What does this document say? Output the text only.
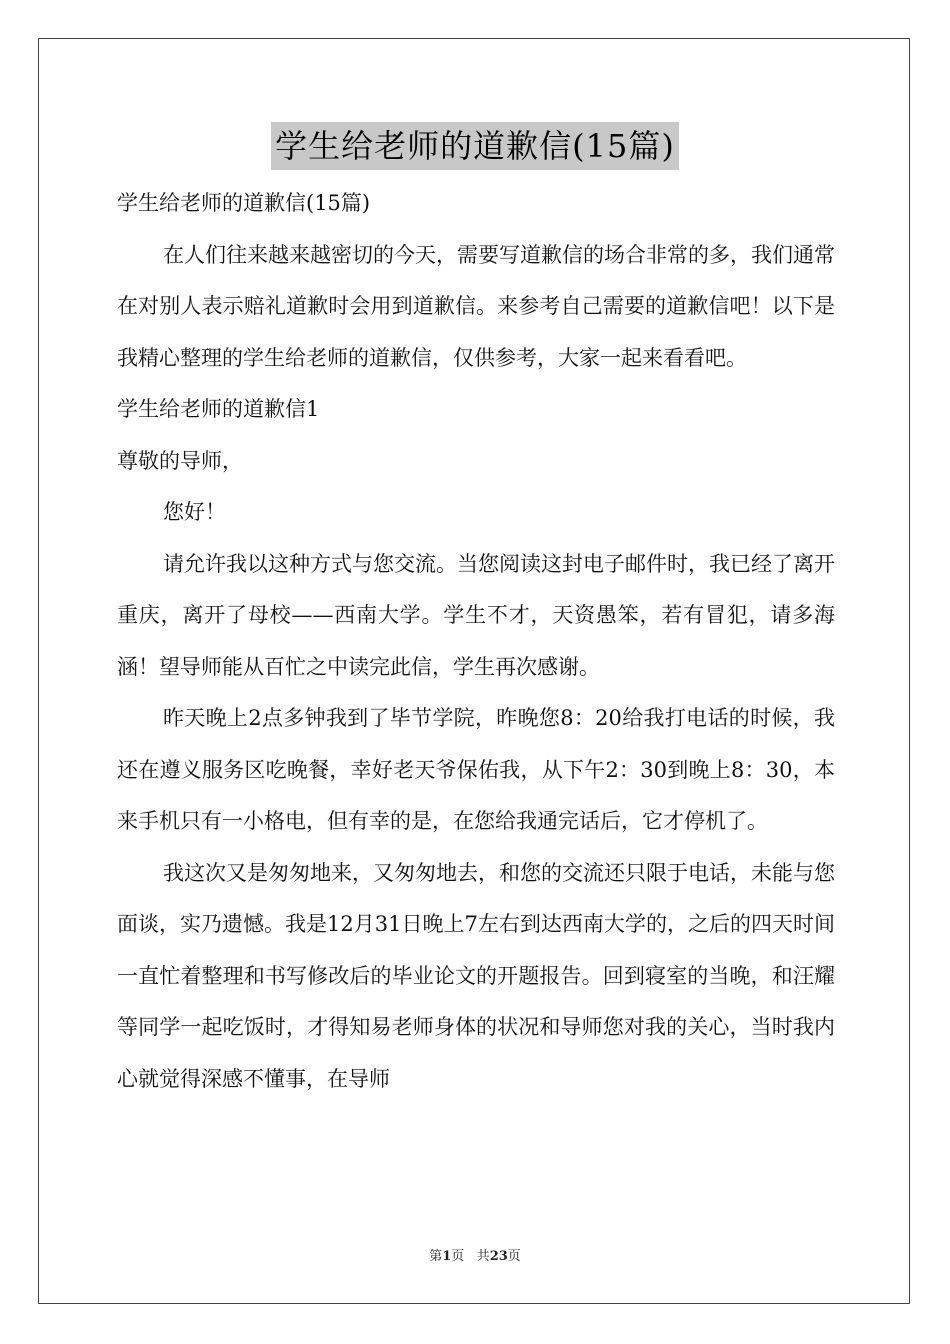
学生给老师的道歉信(15篇)

学生给老师的道歉信(15篇)

在人们往来越来越密切的今天，需要写道歉信的场合非常的多，我们通常在对别人表示赔礼道歉时会用到道歉信。来参考自己需要的道歉信吧！以下是我精心整理的学生给老师的道歉信，仅供参考，大家一起来看看吧。

学生给老师的道歉信1

尊敬的导师，

您好！

请允许我以这种方式与您交流。当您阅读这封电子邮件时，我已经了离开重庆，离开了母校——西南大学。学生不才，天资愚笨，若有冒犯，请多海涵！望导师能从百忙之中读完此信，学生再次感谢。

昨天晚上2点多钟我到了毕节学院，昨晚您8：20给我打电话的时候，我还在遵义服务区吃晚餐，幸好老天爷保佑我，从下午2：30到晚上8：30，本来手机只有一小格电，但有幸的是，在您给我通完话后，它才停机了。

我这次又是匆匆地来，又匆匆地去，和您的交流还只限于电话，未能与您面谈，实乃遗憾。我是12月31日晚上7左右到达西南大学的，之后的四天时间一直忙着整理和书写修改后的毕业论文的开题报告。回到寝室的当晚，和汪耀等同学一起吃饭时，才得知易老师身体的状况和导师您对我的关心，当时我内心就觉得深感不懂事，在导师

第1页 共23页
